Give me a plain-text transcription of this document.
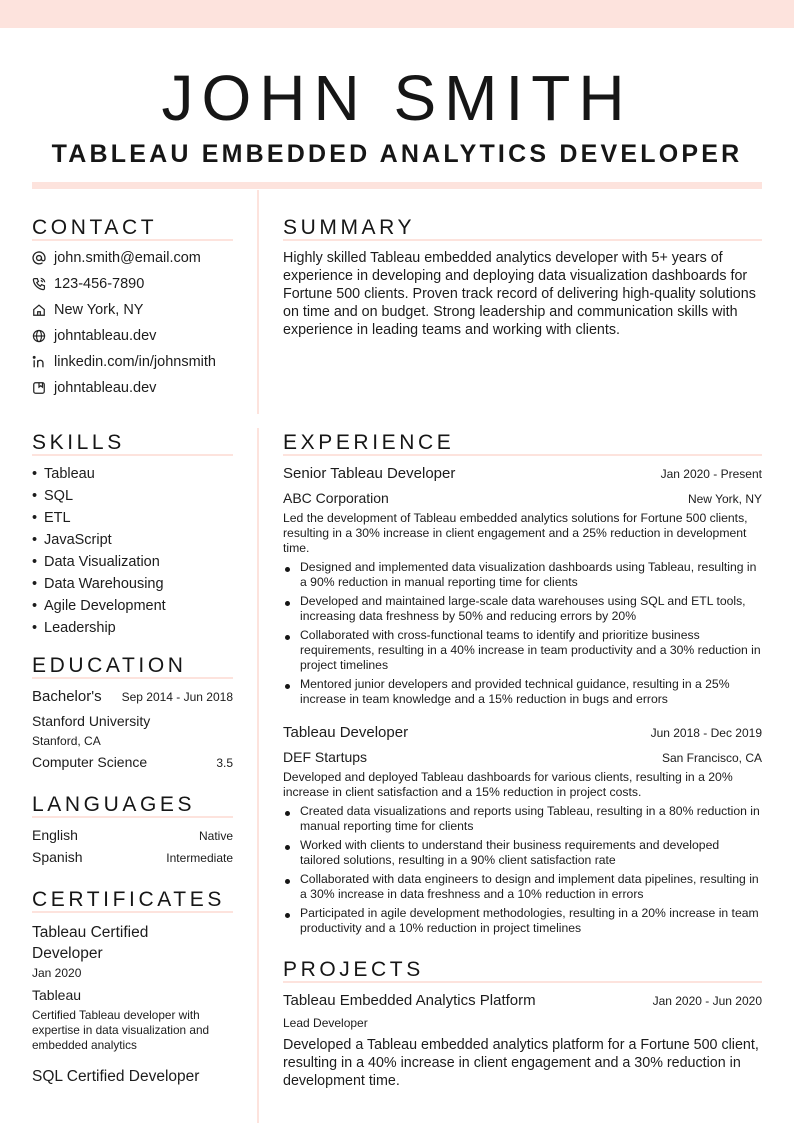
JOHN SMITH
TABLEAU EMBEDDED ANALYTICS DEVELOPER
CONTACT
john.smith@email.com
123-456-7890
New York, NY
johntableau.dev
linkedin.com/in/johnsmith
johntableau.dev
SUMMARY
Highly skilled Tableau embedded analytics developer with 5+ years of experience in developing and deploying data visualization dashboards for Fortune 500 clients. Proven track record of delivering high-quality solutions on time and on budget. Strong leadership and communication skills with experience in leading teams and working with clients.
SKILLS
• Tableau
• SQL
• ETL
• JavaScript
• Data Visualization
• Data Warehousing
• Agile Development
• Leadership
EDUCATION
Bachelor's Sep 2014 - Jun 2018
Stanford University
Stanford, CA
Computer Science	3.5
LANGUAGES
English	Native
Spanish	Intermediate
CERTIFICATES
Tableau Certified
Developer
Jan 2020
Tableau
Certified Tableau developer with expertise in data visualization and embedded analytics
SQL Certified Developer
EXPERIENCE
Senior Tableau Developer	Jan 2020 - Present
ABC Corporation	New York, NY
Led the development of Tableau embedded analytics solutions for Fortune 500 clients, resulting in a 30% increase in client engagement and a 25% reduction in development time.
Designed and implemented data visualization dashboards using Tableau, resulting in a 90% reduction in manual reporting time for clients
Developed and maintained large-scale data warehouses using SQL and ETL tools, increasing data freshness by 50% and reducing errors by 20%
Collaborated with cross-functional teams to identify and prioritize business requirements, resulting in a 40% increase in team productivity and a 30% reduction in project timelines
Mentored junior developers and provided technical guidance, resulting in a 25% increase in team knowledge and a 15% reduction in bugs and errors
Tableau Developer	Jun 2018 - Dec 2019
DEF Startups	San Francisco, CA
Developed and deployed Tableau dashboards for various clients, resulting in a 20% increase in client satisfaction and a 15% reduction in project costs.
Created data visualizations and reports using Tableau, resulting in a 80% reduction in manual reporting time for clients
Worked with clients to understand their business requirements and developed tailored solutions, resulting in a 90% client satisfaction rate
Collaborated with data engineers to design and implement data pipelines, resulting in a 30% increase in data freshness and a 10% reduction in errors
Participated in agile development methodologies, resulting in a 20% increase in team productivity and a 10% reduction in project timelines
PROJECTS
Tableau Embedded Analytics Platform	Jan 2020 - Jun 2020
Lead Developer
Developed a Tableau embedded analytics platform for a Fortune 500 client, resulting in a 40% increase in client engagement and a 30% reduction in development time.
